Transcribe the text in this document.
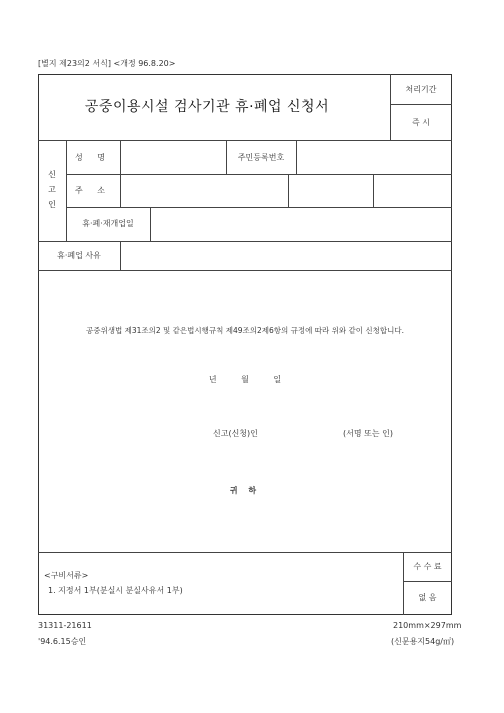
[별지 제23의2 서식] <개정 96.8.20>
공중이용시설 검사기관 휴·폐업 신청서
처리기간
즉 시
신
고
인
성 명	주민등록번호
주 소
휴·폐·재개업일
휴·폐업 사유
공중위생법 제31조의2 및 같은법시행규칙 제49조의2제6항의 규정에 따라 위와 같이 신청합니다.
년 월 일
신고(신청)인	(서명 또는 인)
귀 하
<구비서류>
1. 지정서 1부(분실시 분실사유서 1부)
수 수 료
없 음
31311-21611
'94.6.15승인
210mm×297mm
(신문용지54g/㎡)
